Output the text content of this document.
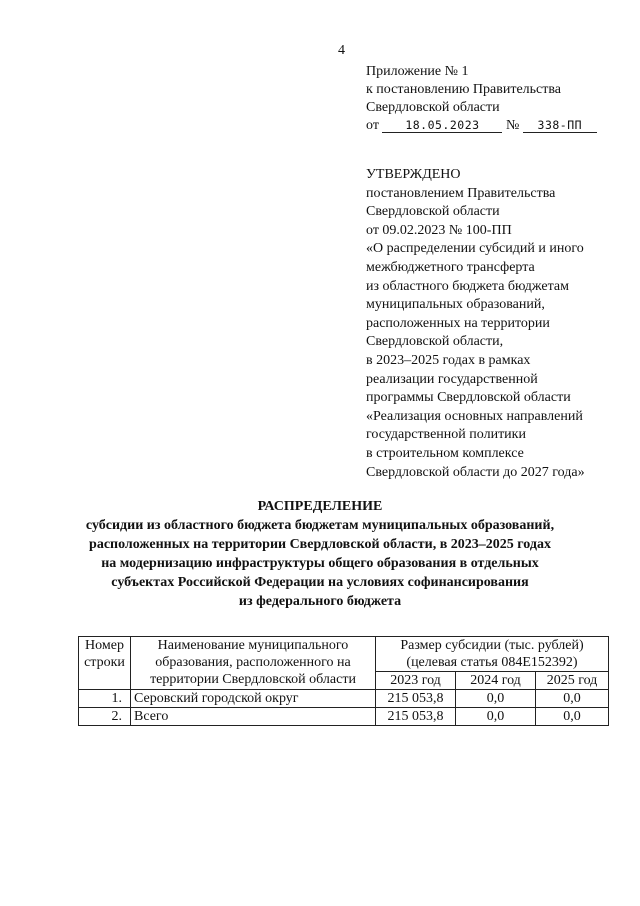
4
Приложение № 1
к постановлению Правительства
Свердловской области
от 18.05.2023 № 338-ПП
УТВЕРЖДЕНО
постановлением Правительства
Свердловской области
от 09.02.2023 № 100-ПП
«О распределении субсидий и иного
межбюджетного трансферта
из областного бюджета бюджетам
муниципальных образований,
расположенных на территории
Свердловской области,
в 2023–2025 годах в рамках
реализации государственной
программы Свердловской области
«Реализация основных направлений
государственной политики
в строительном комплексе
Свердловской области до 2027 года»
РАСПРЕДЕЛЕНИЕ
субсидии из областного бюджета бюджетам муниципальных образований,
расположенных на территории Свердловской области, в 2023–2025 годах
на модернизацию инфраструктуры общего образования в отдельных
субъектах Российской Федерации на условиях софинансирования
из федерального бюджета
Номер строки	Наименование муниципального образования, расположенного на территории Свердловской области	Размер субсидии (тыс. рублей) (целевая статья 084E152392)		
		2023 год	2024 год	2025 год
1.	Серовский городской округ	215 053,8	0,0	0,0
2.	Всего	215 053,8	0,0	0,0
